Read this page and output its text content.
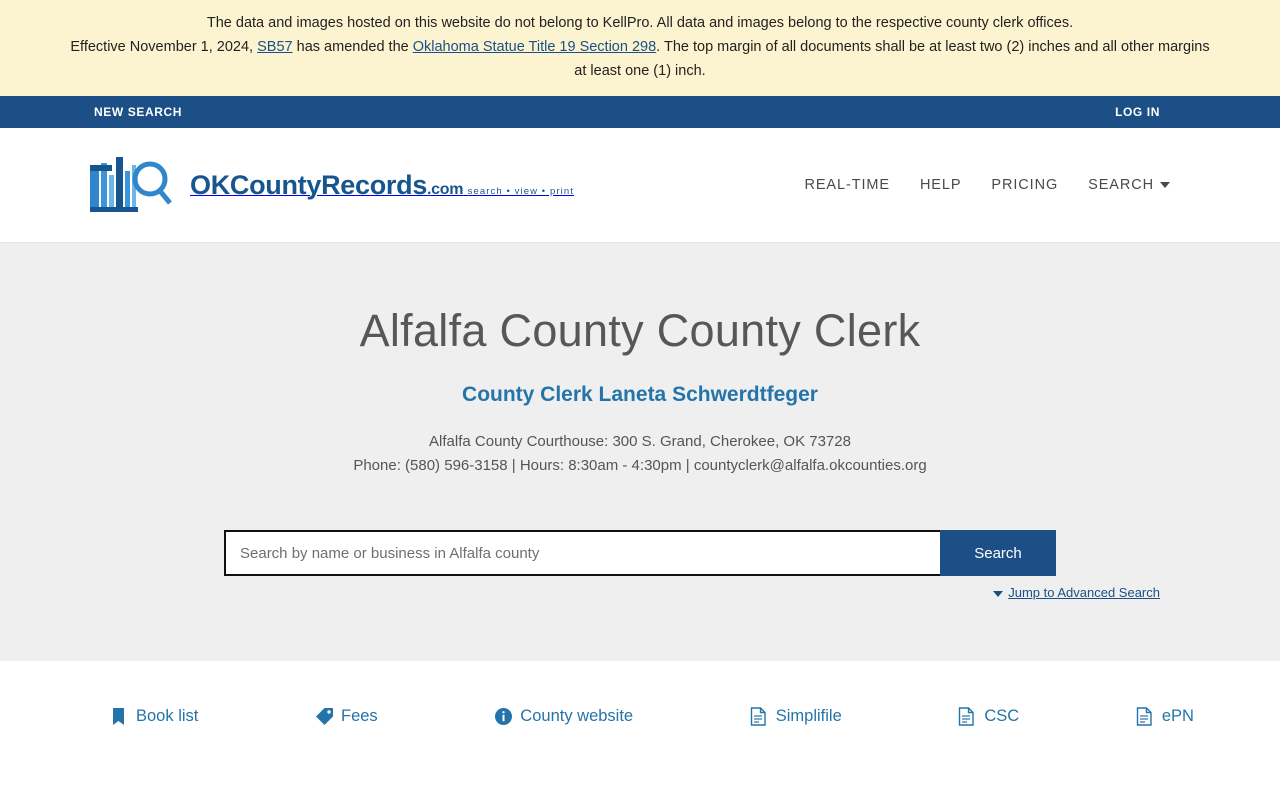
The data and images hosted on this website do not belong to KellPro. All data and images belong to the respective county clerk offices.
Effective November 1, 2024, SB57 has amended the Oklahoma Statue Title 19 Section 298. The top margin of all documents shall be at least two (2) inches and all other margins
at least one (1) inch.
NEW SEARCH	LOG IN
OKCountyRecords.com search • view • print	REAL-TIME HELP PRICING SEARCH
Alfalfa County County Clerk
County Clerk Laneta Schwerdtfeger
Alfalfa County Courthouse: 300 S. Grand, Cherokee, OK 73728
Phone: (580) 596-3158 | Hours: 8:30am - 4:30pm | countyclerk@alfalfa.okcounties.org
Search by name or business in Alfalfa county
Search
Jump to Advanced Search
Book list	Fees	County website	Simplifile	CSC	ePN
